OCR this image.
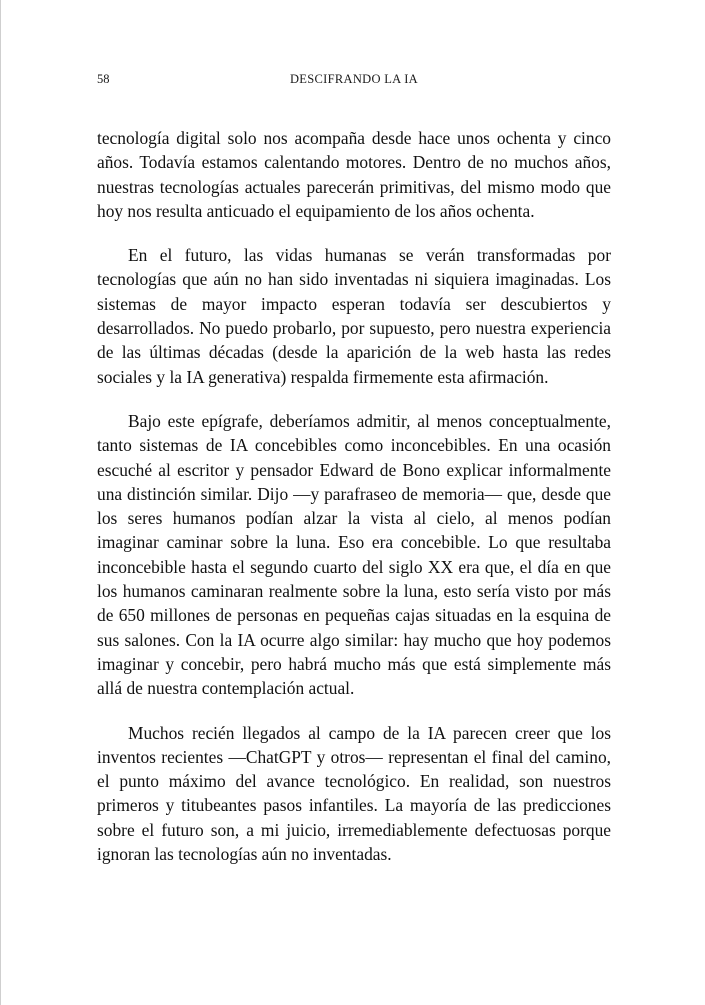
58	DESCIFRANDO LA IA

tecnología digital solo nos acompaña desde hace unos ochenta y cinco años. Todavía estamos calentando motores. Dentro de no muchos años, nuestras tecnologías actuales parecerán primitivas, del mismo modo que hoy nos resulta anticuado el equipamiento de los años ochenta.

En el futuro, las vidas humanas se verán transformadas por tecnologías que aún no han sido inventadas ni siquiera imaginadas. Los sistemas de mayor impacto esperan todavía ser descubiertos y desarrollados. No puedo probarlo, por supuesto, pero nuestra experiencia de las últimas décadas (desde la aparición de la web hasta las redes sociales y la IA generativa) respalda firmemente esta afirmación.

Bajo este epígrafe, deberíamos admitir, al menos conceptualmente, tanto sistemas de IA concebibles como inconcebibles. En una ocasión escuché al escritor y pensador Edward de Bono explicar informalmente una distinción similar. Dijo —y parafraseo de memoria— que, desde que los seres humanos podían alzar la vista al cielo, al menos podían imaginar caminar sobre la luna. Eso era concebible. Lo que resultaba inconcebible hasta el segundo cuarto del siglo XX era que, el día en que los humanos caminaran realmente sobre la luna, esto sería visto por más de 650 millones de personas en pequeñas cajas situadas en la esquina de sus salones. Con la IA ocurre algo similar: hay mucho que hoy podemos imaginar y concebir, pero habrá mucho más que está simplemente más allá de nuestra contemplación actual.

Muchos recién llegados al campo de la IA parecen creer que los inventos recientes —ChatGPT y otros— representan el final del camino, el punto máximo del avance tecnológico. En realidad, son nuestros primeros y titubeantes pasos infantiles. La mayoría de las predicciones sobre el futuro son, a mi juicio, irremediablemente defectuosas porque ignoran las tecnologías aún no inventadas.
